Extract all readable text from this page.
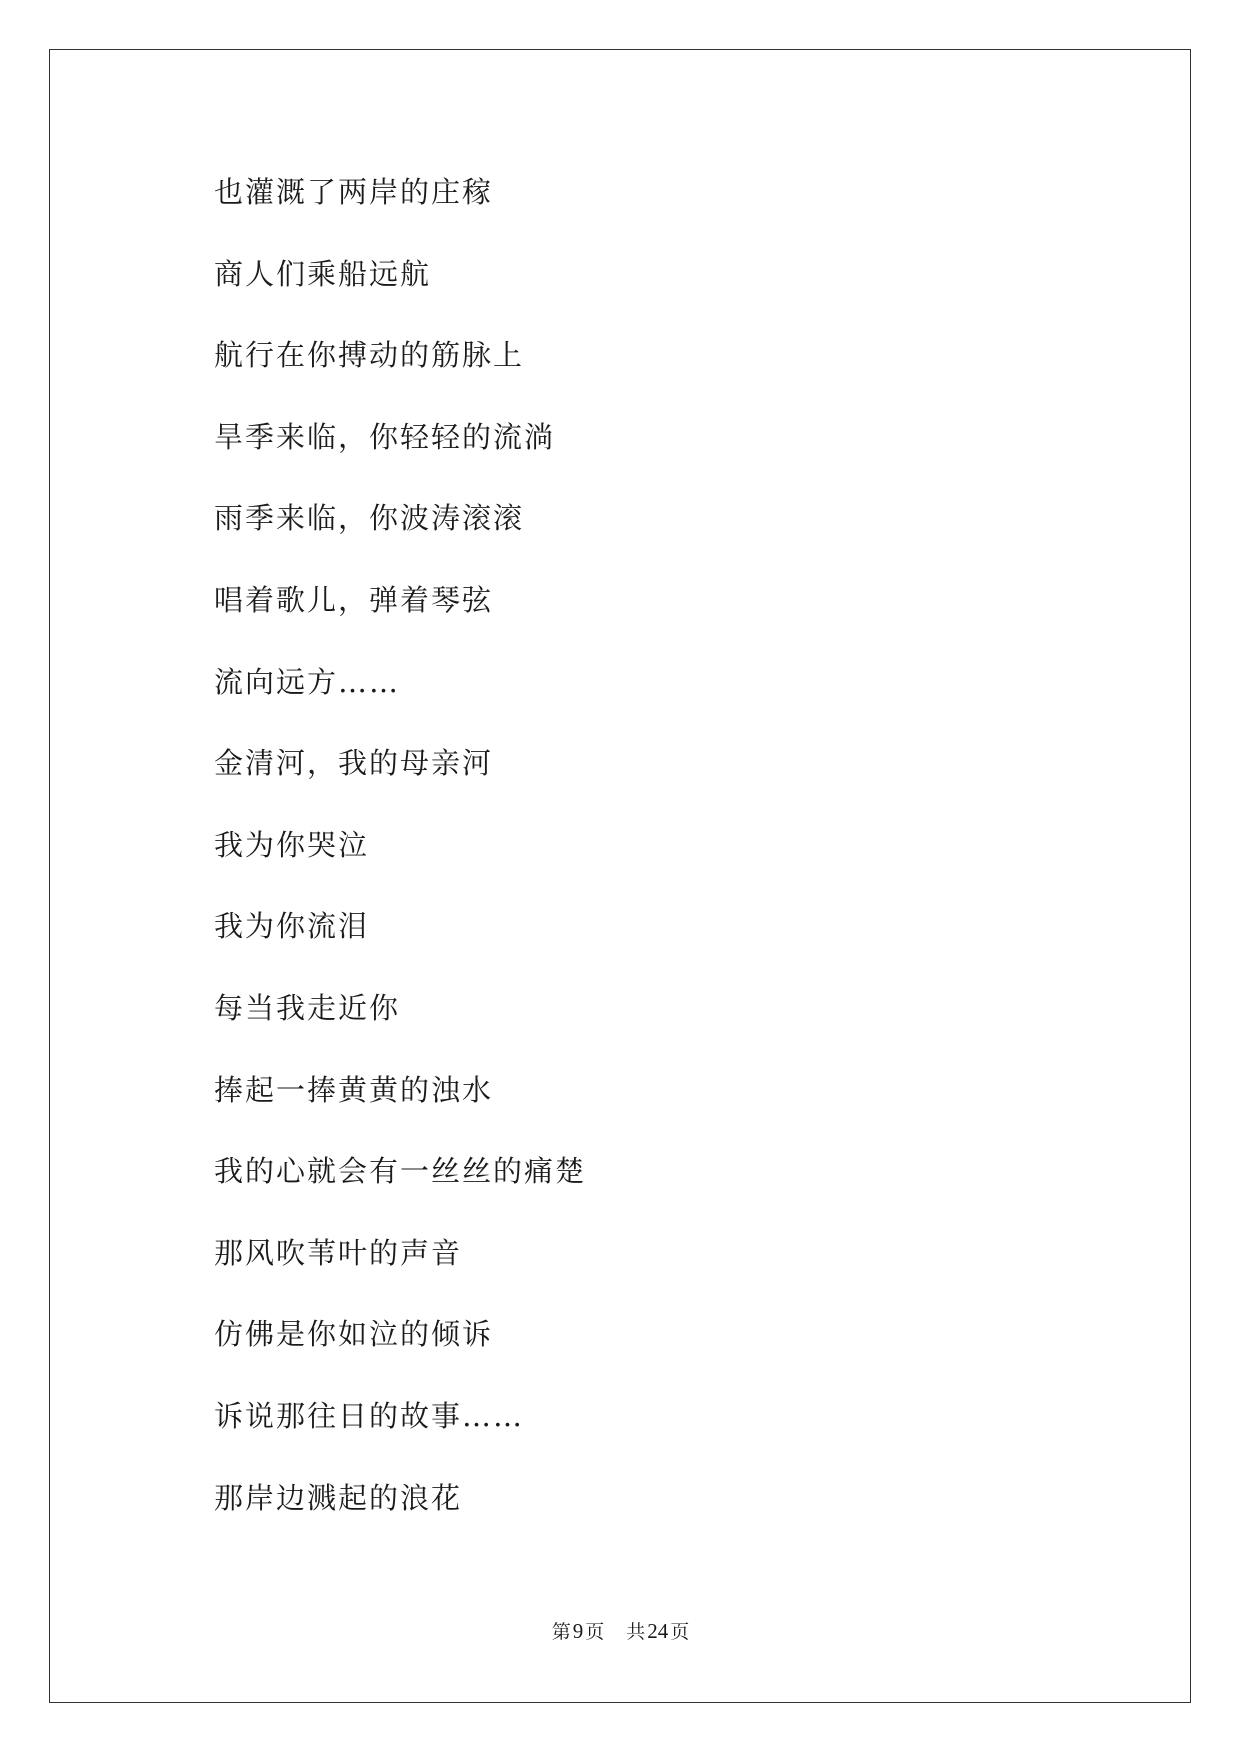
也灌溉了两岸的庄稼
商人们乘船远航
航行在你搏动的筋脉上
旱季来临，你轻轻的流淌
雨季来临，你波涛滚滚
唱着歌儿，弹着琴弦
流向远方……
金清河，我的母亲河
我为你哭泣
我为你流泪
每当我走近你
捧起一捧黄黄的浊水
我的心就会有一丝丝的痛楚
那风吹苇叶的声音
仿佛是你如泣的倾诉
诉说那往日的故事……
那岸边溅起的浪花
第9 页 共24 页
